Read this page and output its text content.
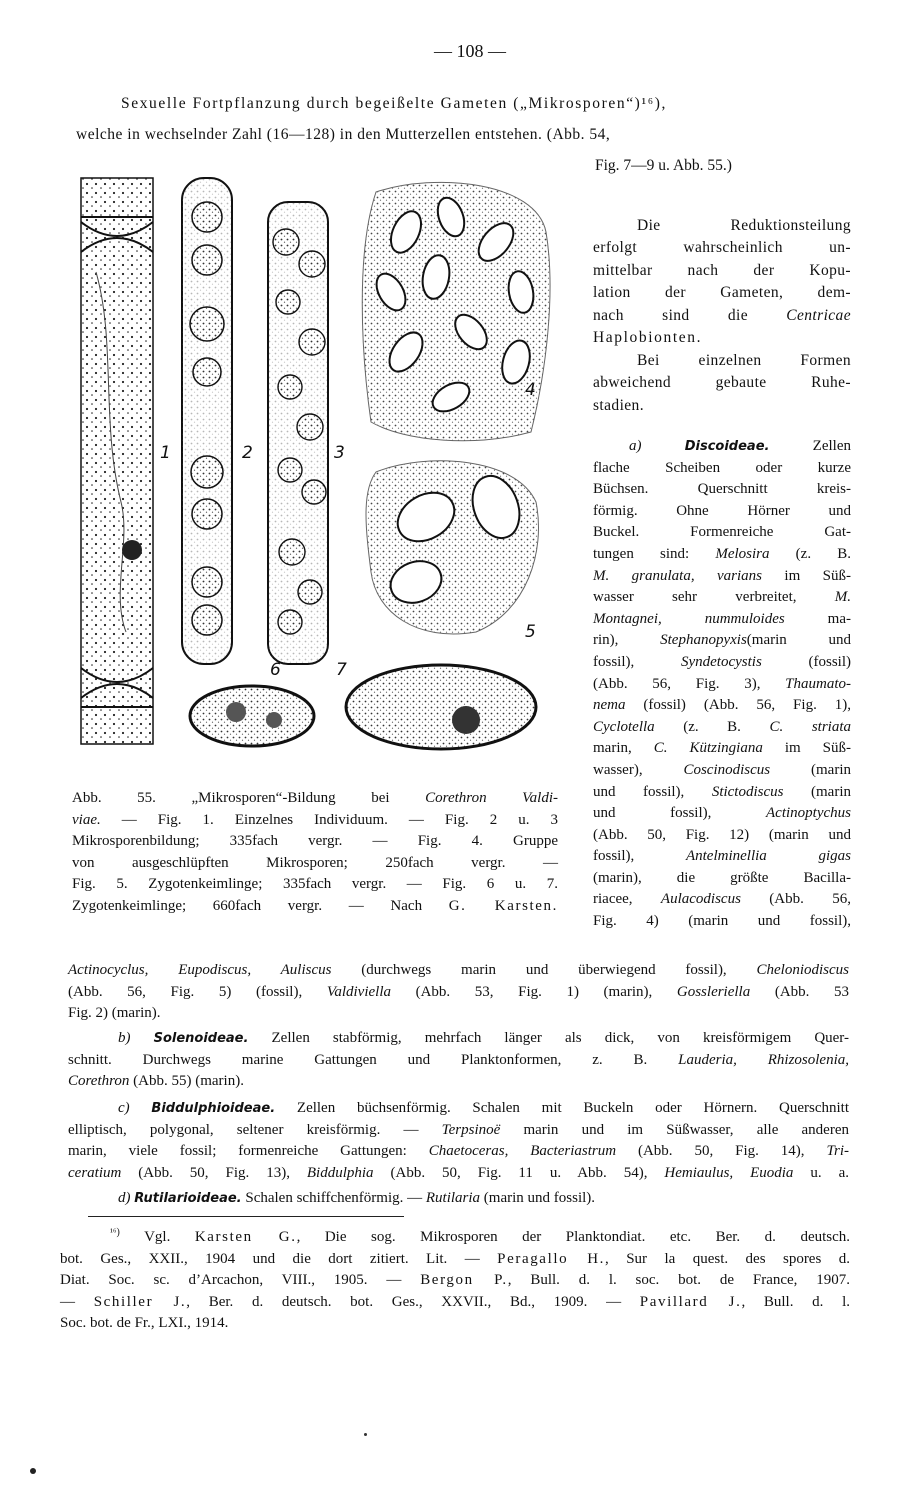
— 108 —
Sexuelle Fortpflanzung durch begeißelte Gameten („Mikrosporen“)¹⁶),
welche in wechselnder Zahl (16—128) in den Mutterzellen entstehen. (Abb. 54,
Fig. 7—9 u. Abb. 55.)
1	2	3
4
5
6	7
Abb. 55. „Mikrosporen“-Bildung bei Corethron Valdi-
viae. — Fig. 1. Einzelnes Individuum. — Fig. 2 u. 3
Mikrosporenbildung; 335fach vergr. — Fig. 4. Gruppe
von ausgeschlüpften Mikrosporen; 250fach vergr. —
Fig. 5. Zygotenkeimlinge; 335fach vergr. — Fig. 6 u. 7.
Zygotenkeimlinge; 660fach vergr. — Nach G. Karsten.
Die Reduktionsteilung
erfolgt wahrscheinlich un-
mittelbar nach der Kopu-
lation der Gameten, dem-
nach sind die Centricae
Haplobionten.
Bei einzelnen Formen
abweichend gebaute Ruhe-
stadien.
a)	Discoideae.	Zellen
flache Scheiben oder kurze
Büchsen. Querschnitt kreis-
förmig. Ohne Hörner und
Buckel. Formenreiche Gat-
tungen sind: Melosira (z. B.
M. granulata, varians im Süß-
wasser sehr verbreitet, M.
Montagnei, nummuloides ma-
rin), Stephanopyxis(marin und
fossil), Syndetocystis (fossil)
(Abb. 56, Fig. 3), Thaumato-
nema (fossil) (Abb. 56, Fig. 1),
Cyclotella (z. B. C. striata
marin, C. Kützingiana im Süß-
wasser), Coscinodiscus (marin
und fossil), Stictodiscus (marin
und fossil), Actinoptychus
(Abb. 50, Fig. 12) (marin und
fossil), Antelminellia gigas
(marin), die größte Bacilla-
riacee, Aulacodiscus (Abb. 56,
Fig. 4) (marin und fossil),
Actinocyclus, Eupodiscus, Auliscus (durchwegs marin und überwiegend fossil), Cheloniodiscus
(Abb. 56, Fig. 5) (fossil), Valdiviella (Abb. 53, Fig. 1) (marin), Gossleriella (Abb. 53
Fig. 2) (marin).
b) Solenoideae. Zellen stabförmig, mehrfach länger als dick, von kreisförmigem Quer-
schnitt. Durchwegs marine Gattungen und Planktonformen, z. B. Lauderia, Rhizosolenia,
Corethron (Abb. 55) (marin).
c) Biddulphioideae. Zellen büchsenförmig. Schalen mit Buckeln oder Hörnern. Querschnitt
elliptisch, polygonal, seltener kreisförmig. — Terpsinoë marin und im Süßwasser, alle anderen
marin, viele fossil; formenreiche Gattungen: Chaetoceras, Bacteriastrum (Abb. 50, Fig. 14), Tri-
ceratium (Abb. 50, Fig. 13), Biddulphia (Abb. 50, Fig. 11 u. Abb. 54), Hemiaulus, Euodia u. a.
d) Rutilarioideae. Schalen schiffchenförmig. — Rutilaria (marin und fossil).
$^{^{16})}$ Vgl. Karsten G., Die sog. Mikrosporen der Planktondiat. etc. Ber. d. deutsch.
bot. Ges., XXII., 1904 und die dort zitiert. Lit. — Peragallo H., Sur la quest. des spores d.
Diat. Soc. sc. d’Arcachon, VIII., 1905. — Bergon P., Bull. d. l. soc. bot. de France, 1907.
— Schiller J., Ber. d. deutsch. bot. Ges., XXVII., Bd., 1909. — Pavillard J., Bull. d. l.
Soc. bot. de Fr., LXI., 1914.
